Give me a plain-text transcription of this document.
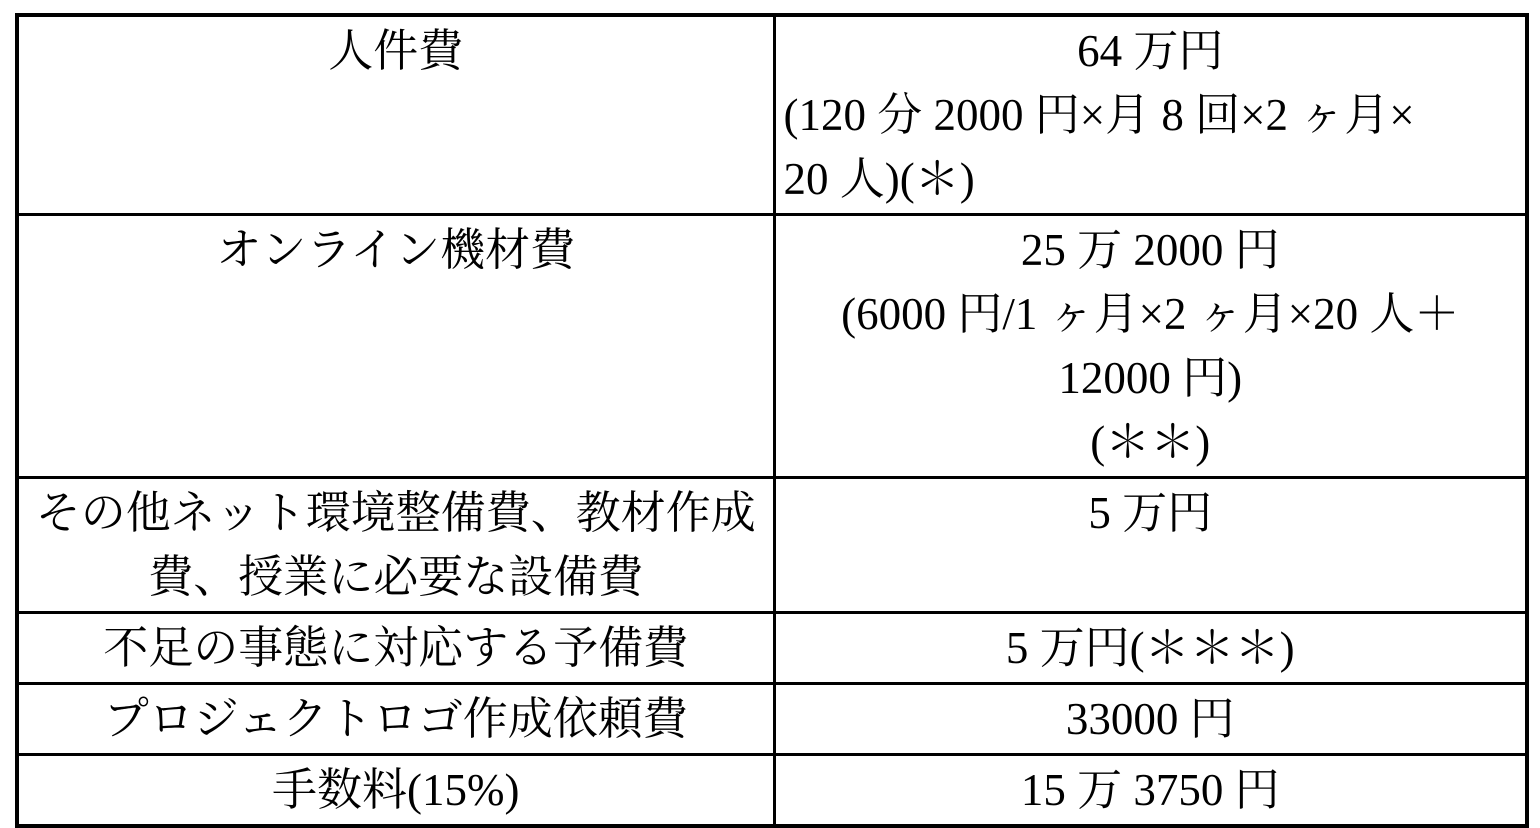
人件費	64 万円
(120 分 2000 円×月 8 回×2 ヶ月×
20 人)(＊)

オンライン機材費	25 万 2000 円
(6000 円/1 ヶ月×2 ヶ月×20 人＋
12000 円)
(＊＊)

その他ネット環境整備費、教材作成
費、授業に必要な設備費	5 万円

不足の事態に対応する予備費	5 万円(＊＊＊)

プロジェクトロゴ作成依頼費	33000 円

手数料(15%)	15 万 3750 円
